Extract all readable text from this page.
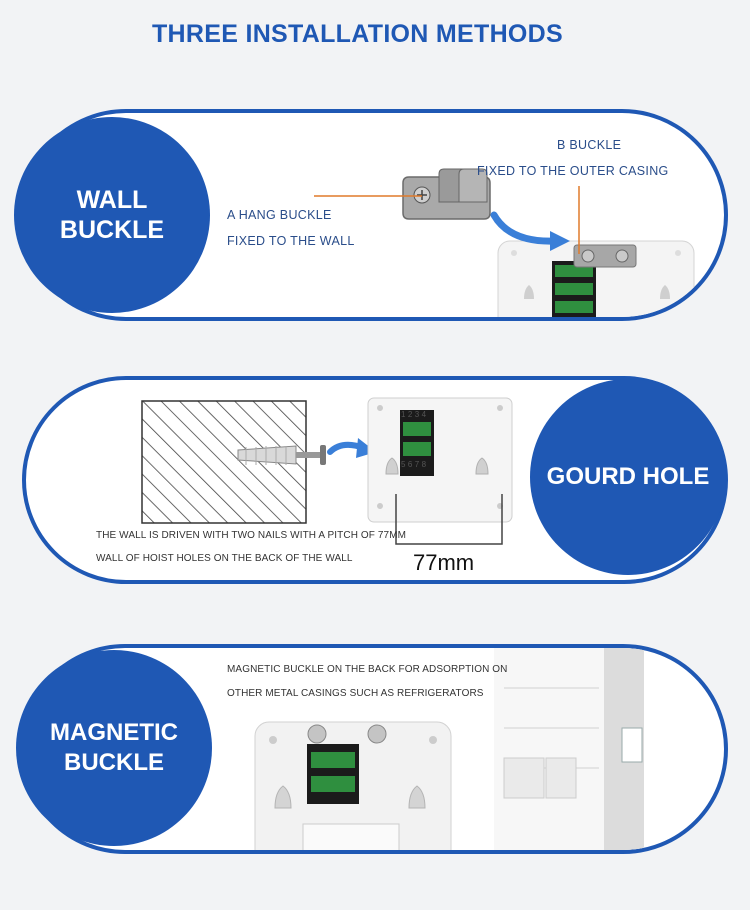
THREE INSTALLATION METHODS
B BUCKLE
FIXED TO THE OUTER CASING
A HANG BUCKLE
FIXED TO THE WALL
WALL
BUCKLE
1 2 3 4
5 6 7 8
THE WALL IS DRIVEN WITH TWO NAILS WITH A PITCH OF 77MM
WALL OF HOIST HOLES ON THE BACK OF THE WALL	77mm
GOURD HOLE
MAGNETIC BUCKLE ON THE BACK FOR ADSORPTION ON
OTHER METAL CASINGS SUCH AS REFRIGERATORS
MAGNETIC
BUCKLE
